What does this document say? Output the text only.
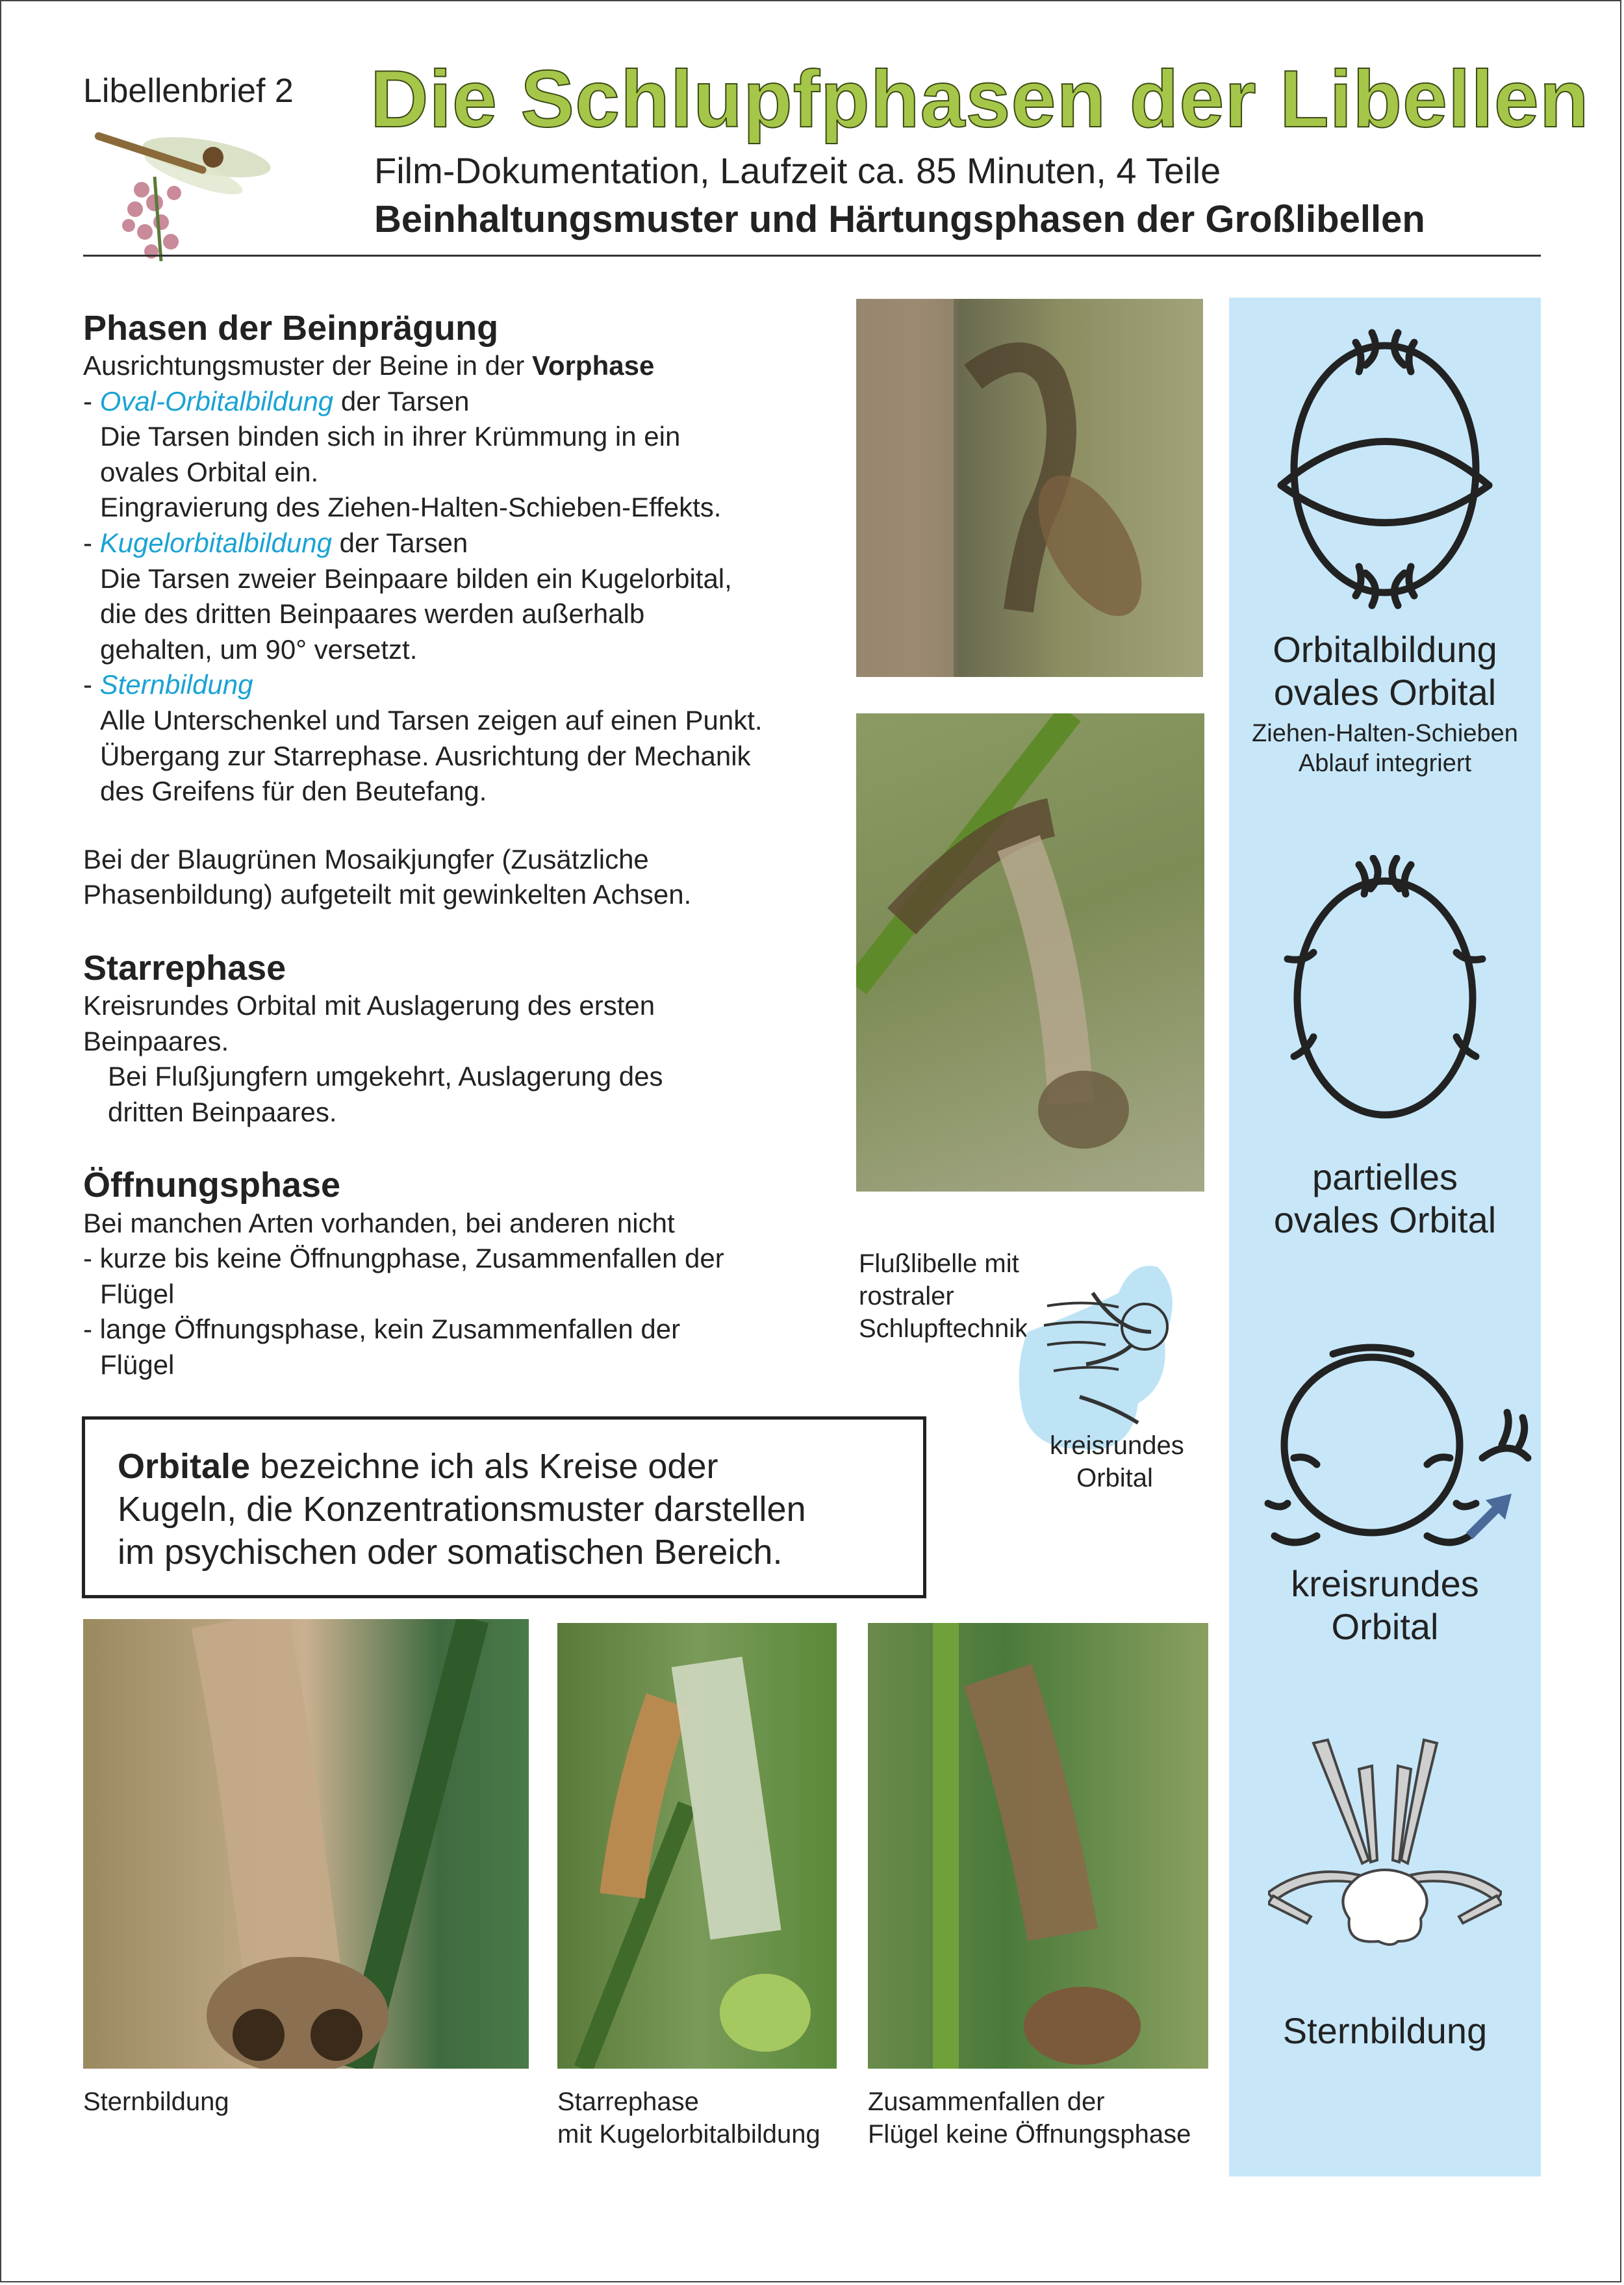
Libellenbrief 2 Die Schlupfphasen der Libellen
Film-Dokumentation, Laufzeit ca. 85 Minuten, 4 Teile
Beinhaltungsmuster und Härtungsphasen der Großlibellen

Phasen der Beinprägung

Ausrichtungsmuster der Beine in der Vorphase

- Oval-Orbitalbildung der Tarsen

Die Tarsen binden sich in ihrer Krümmung in ein

ovales Orbital ein.

Eingravierung des Ziehen-Halten-Schieben-Effekts.

- Kugelorbitalbildung der Tarsen

Die Tarsen zweier Beinpaare bilden ein Kugelorbital,

die des dritten Beinpaares werden außerhalb

gehalten, um 90° versetzt.

- Sternbildung

Alle Unterschenkel und Tarsen zeigen auf einen Punkt.

Übergang zur Starrephase. Ausrichtung der Mechanik

des Greifens für den Beutefang.

Bei der Blaugrünen Mosaikjungfer (Zusätzliche

Phasenbildung) aufgeteilt mit gewinkelten Achsen.

Starrephase

Kreisrundes Orbital mit Auslagerung des ersten

Beinpaares.

Bei Flußjungfern umgekehrt, Auslagerung des

dritten Beinpaares.

Öffnungsphase

Bei manchen Arten vorhanden, bei anderen nicht

- kurze bis keine Öffnungphase, Zusammenfallen der

Flügel

- lange Öffnungsphase, kein Zusammenfallen der

Flügel

Orbitalbildung
ovales Orbital
Ziehen-Halten-Schieben
Ablauf integriert
partielles
ovales Orbital
kreisrundes
Orbital
Sternbildung
Flußlibelle mit
rostraler
Schlupftechnik
kreisrundes
Orbital

Orbitale bezeichne ich als Kreise oder

Kugeln, die Konzentrationsmuster darstellen

im psychischen oder somatischen Bereich.

Sternbildung	Starrephase
mit Kugelorbitalbildung
Zusammenfallen der
Flügel keine Öffnungsphase
